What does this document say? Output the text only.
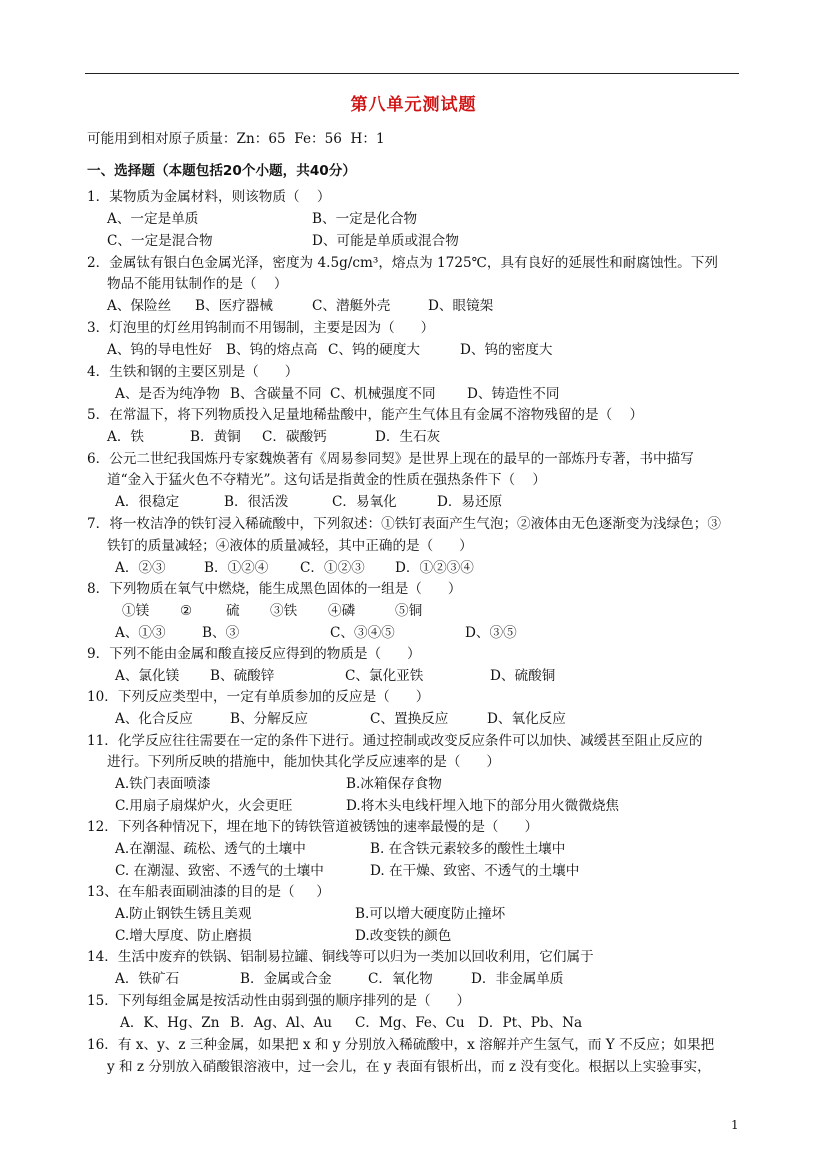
第八单元测试题
可能用到相对原子质量：Zn：65  Fe：56  H：1
一、选择题（本题包括20个小题，共40分）
1．某物质为金属材料，则该物质（    ）
A、一定是单质	B、一定是化合物
C、一定是混合物	D、可能是单质或混合物
2．金属钛有银白色金属光泽，密度为 4.5g/cm³，熔点为 1725℃，具有良好的延展性和耐腐蚀性。下列
物品不能用钛制作的是（    ）
A、保险丝 B、医疗器械	C、潜艇外壳	D、眼镜架
3．灯泡里的灯丝用钨制而不用锡制，主要是因为（      ）
A、钨的导电性好 B、钨的熔点高 C、钨的硬度大	D、钨的密度大
4．生铁和钢的主要区别是（      ）
A、是否为纯净物 B、含碳量不同 C、机械强度不同 D、铸造性不同
5．在常温下，将下列物质投入足量地稀盐酸中，能产生气体且有金属不溶物残留的是（    ）
A．铁	B．黄铜 C．碳酸钙	D．生石灰
6．公元二世纪我国炼丹专家魏焕著有《周易参同契》是世界上现在的最早的一部炼丹专著，书中描写
道“金入于猛火色不夺精光”。这句话是指黄金的性质在强热条件下（    ）
A．很稳定	B．很活泼	C．易氧化	D．易还原
7．将一枚洁净的铁钉浸入稀硫酸中，下列叙述：①铁钉表面产生气泡；②液体由无色逐渐变为浅绿色；③
铁钉的质量减轻；④液体的质量减轻，其中正确的是（      ）
A．②③	B．①②④ C．①②③ D．①②③④
8．下列物质在氧气中燃烧，能生成黑色固体的一组是（      ）
①镁 ② 硫 ③铁 ④磷	⑤铜
A、①③	B、③	C、③④⑤	D、③⑤
9．下列不能由金属和酸直接反应得到的物质是（      ）
A、氯化镁 B、硫酸锌	C、氯化亚铁	D、硫酸铜
10．下列反应类型中，一定有单质参加的反应是（      ）
A、化合反应	B、分解反应	C、置换反应	D、氧化反应
11．化学反应往往需要在一定的条件下进行。通过控制或改变反应条件可以加快、减缓甚至阻止反应的
进行。下列所反映的措施中，能加快其化学反应速率的是（      ）
A.铁门表面喷漆	B.冰箱保存食物
C.用扇子扇煤炉火，火会更旺	D.将木头电线杆埋入地下的部分用火微微烧焦
12．下列各种情况下，埋在地下的铸铁管道被锈蚀的速率最慢的是（      ）
A.在潮湿、疏松、透气的土壤中	B. 在含铁元素较多的酸性土壤中
C. 在潮湿、致密、不透气的土壤中	D. 在干燥、致密、不透气的土壤中
13、在车船表面刷油漆的目的是（     ）
A.防止钢铁生锈且美观	B.可以增大硬度防止撞坏
C.增大厚度、防止磨损	D.改变铁的颜色
14．生活中废弃的铁锅、铝制易拉罐、铜线等可以归为一类加以回收利用，它们属于
A．铁矿石	B．金属或合金	C．氧化物	D．非金属单质
15．下列每组金属是按活动性由弱到强的顺序排列的是（      ）
A．K、Hg、Zn B．Ag、Al、Au C．Mg、Fe、Cu D．Pt、Pb、Na
16．有 x、y、z 三种金属，如果把 x 和 y 分别放入稀硫酸中，x 溶解并产生氢气，而 Y 不反应；如果把
y 和 z 分别放入硝酸银溶液中，过一会儿，在 y 表面有银析出，而 z 没有变化。根据以上实验事实，
1
